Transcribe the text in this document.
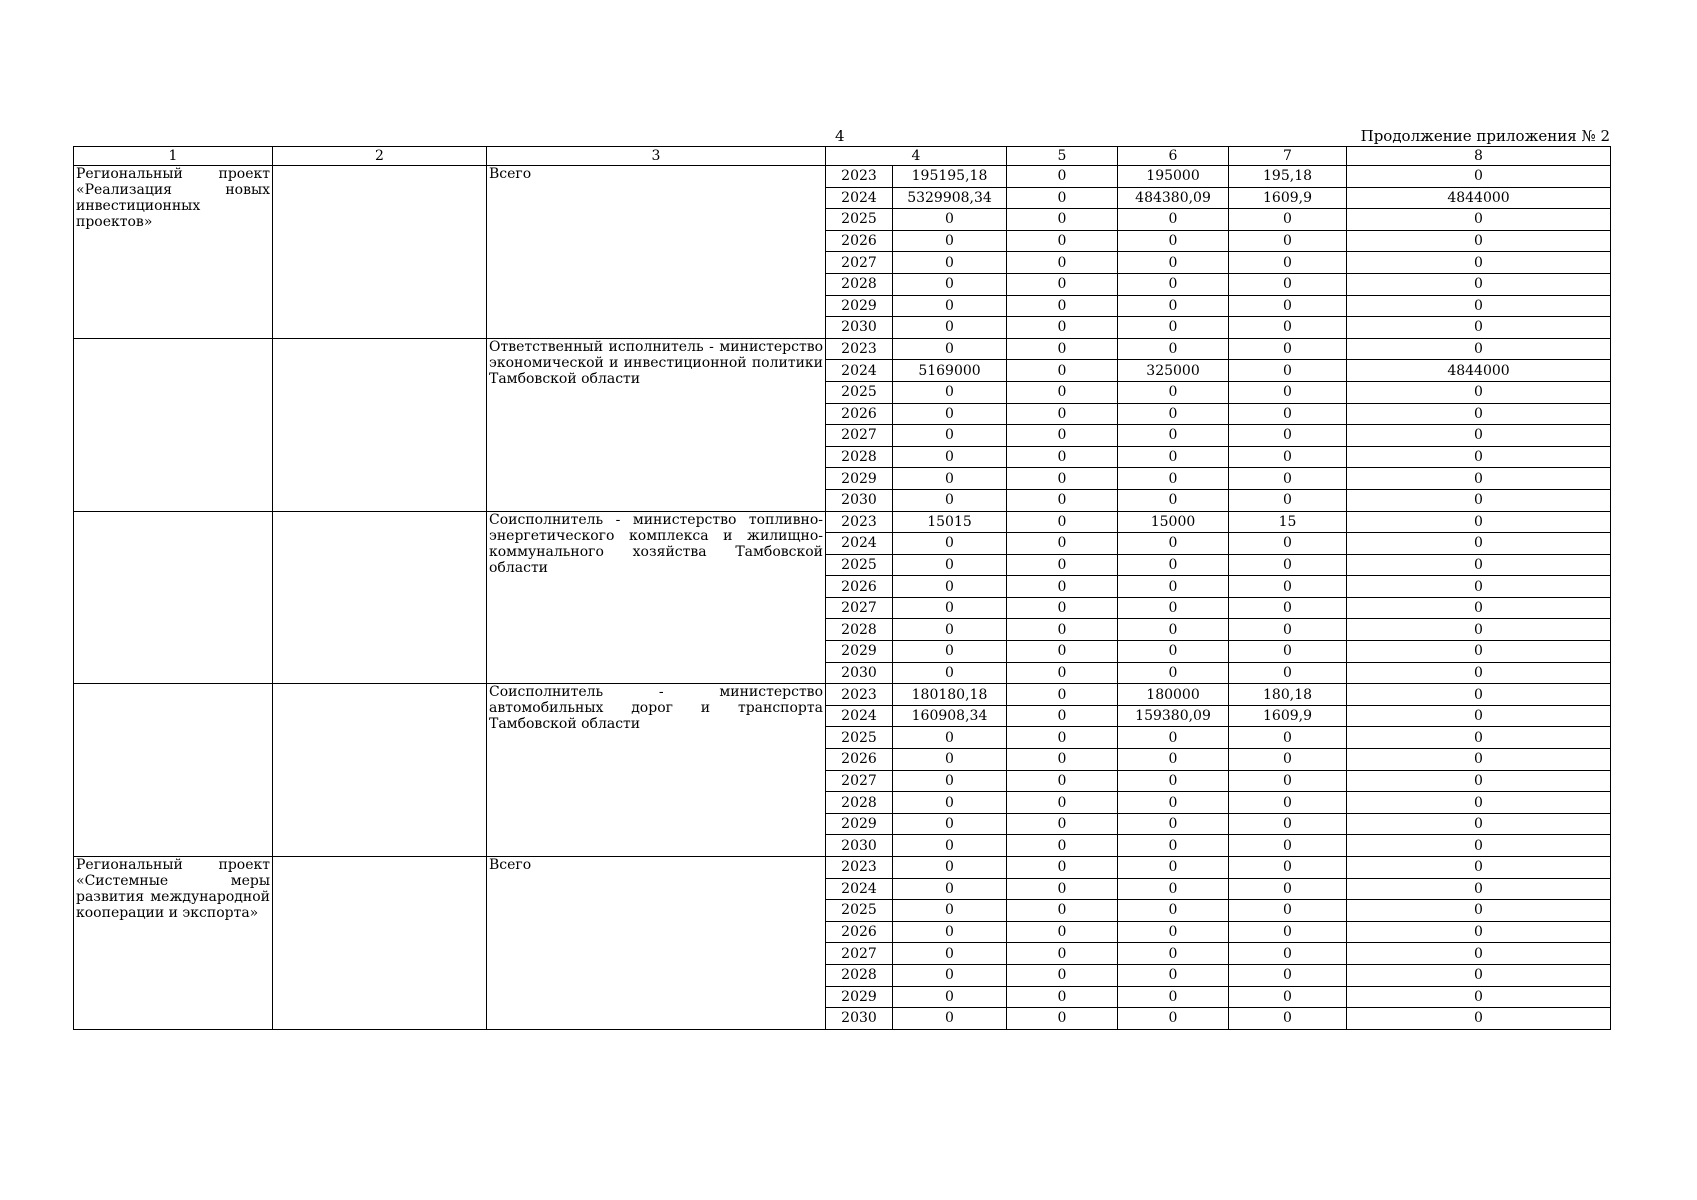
4	Продолжение приложения № 2
1	2	3	4		5	6	7	8
Региональный проект «Реализация новых инвестиционных проектов»		Всего	2023	195195,18	0	195000	195,18	0
			2024	5329908,34	0	484380,09	1609,9	4844000
			2025	0	0	0	0	0
			2026	0	0	0	0	0
			2027	0	0	0	0	0
			2028	0	0	0	0	0
			2029	0	0	0	0	0
			2030	0	0	0	0	0
		Ответственный исполнитель - министерство экономической и инвестиционной политики Тамбовской области	2023	0	0	0	0	0
			2024	5169000	0	325000	0	4844000
			2025	0	0	0	0	0
			2026	0	0	0	0	0
			2027	0	0	0	0	0
			2028	0	0	0	0	0
			2029	0	0	0	0	0
			2030	0	0	0	0	0
		Соисполнитель - министерство топливно-энергетического комплекса и жилищно-коммунального хозяйства Тамбовской области	2023	15015	0	15000	15	0
			2024	0	0	0	0	0
			2025	0	0	0	0	0
			2026	0	0	0	0	0
			2027	0	0	0	0	0
			2028	0	0	0	0	0
			2029	0	0	0	0	0
			2030	0	0	0	0	0
		Соисполнитель - министерство автомобильных дорог и транспорта Тамбовской области	2023	180180,18	0	180000	180,18	0
			2024	160908,34	0	159380,09	1609,9	0
			2025	0	0	0	0	0
			2026	0	0	0	0	0
			2027	0	0	0	0	0
			2028	0	0	0	0	0
			2029	0	0	0	0	0
			2030	0	0	0	0	0
Региональный проект «Системные меры развития международной кооперации и экспорта»		Всего	2023	0	0	0	0	0
			2024	0	0	0	0	0
			2025	0	0	0	0	0
			2026	0	0	0	0	0
			2027	0	0	0	0	0
			2028	0	0	0	0	0
			2029	0	0	0	0	0
			2030	0	0	0	0	0
